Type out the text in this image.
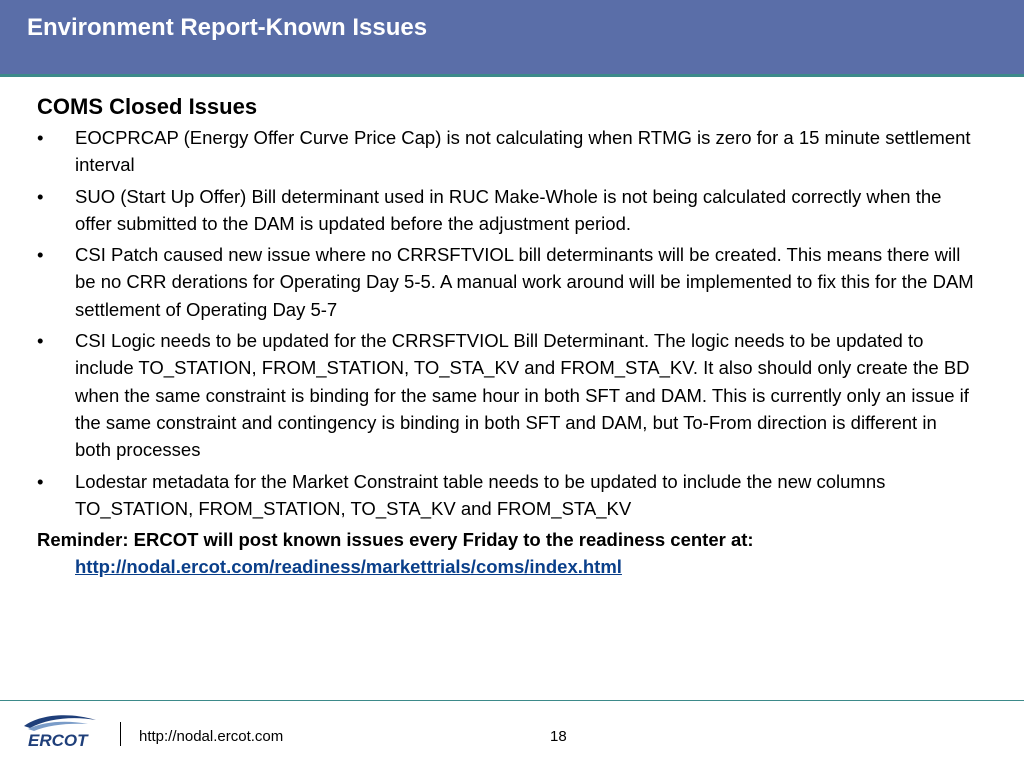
Environment Report-Known Issues
COMS Closed Issues
• EOCPRCAP (Energy Offer Curve Price Cap) is not calculating when RTMG is zero for a 15 minute settlement interval
• SUO (Start Up Offer) Bill determinant used in RUC Make-Whole is not being calculated correctly when the offer submitted to the DAM is updated before the adjustment period.
• CSI Patch caused new issue where no CRRSFTVIOL bill determinants will be created. This means there will be no CRR derations for Operating Day 5-5. A manual work around will be implemented to fix this for the DAM settlement of Operating Day 5-7
• CSI Logic needs to be updated for the CRRSFTVIOL Bill Determinant. The logic needs to be updated to include TO_STATION, FROM_STATION, TO_STA_KV and FROM_STA_KV. It also should only create the BD when the same constraint is binding for the same hour in both SFT and DAM. This is currently only an issue if the same constraint and contingency is binding in both SFT and DAM, but To-From direction is different in both processes
• Lodestar metadata for the Market Constraint table needs to be updated to include the new columns TO_STATION, FROM_STATION, TO_STA_KV and FROM_STA_KV
Reminder: ERCOT will post known issues every Friday to the readiness center at:
http://nodal.ercot.com/readiness/markettrials/coms/index.html
ERCOT	http://nodal.ercot.com	18
